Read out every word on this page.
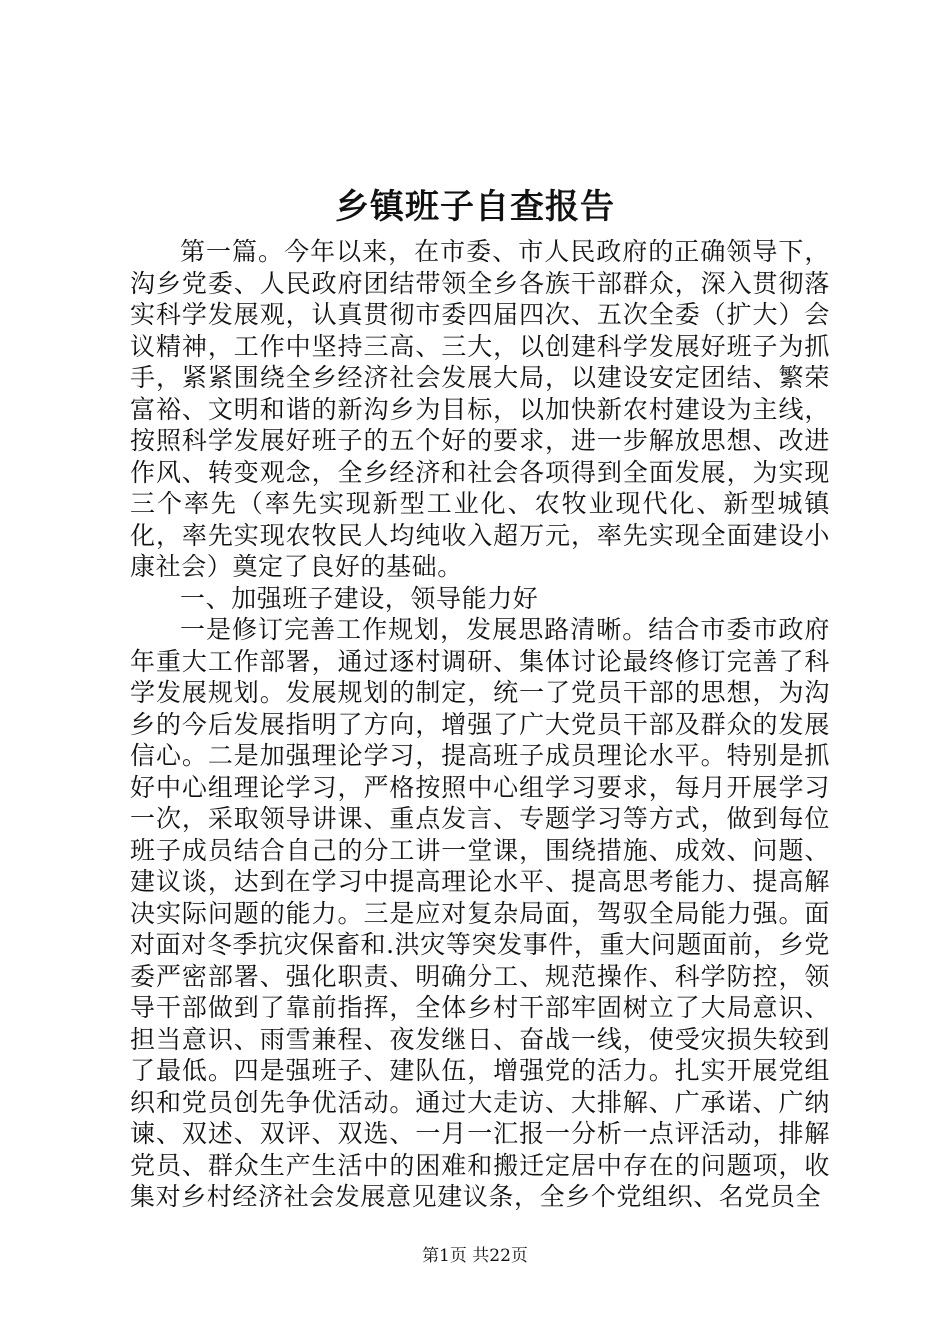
乡镇班子自查报告

第一篇。今年以来，在市委、市人民政府的正确领导下，沟乡党委、人民政府团结带领全乡各族干部群众，深入贯彻落实科学发展观，认真贯彻市委四届四次、五次全委（扩大）会议精神，工作中坚持三高、三大，以创建科学发展好班子为抓手，紧紧围绕全乡经济社会发展大局，以建设安定团结、繁荣富裕、文明和谐的新沟乡为目标，以加快新农村建设为主线，按照科学发展好班子的五个好的要求，进一步解放思想、改进作风、转变观念，全乡经济和社会各项得到全面发展，为实现三个率先（率先实现新型工业化、农牧业现代化、新型城镇化，率先实现农牧民人均纯收入超万元，率先实现全面建设小康社会）奠定了良好的基础。

一、加强班子建设，领导能力好

一是修订完善工作规划，发展思路清晰。结合市委市政府年重大工作部署，通过逐村调研、集体讨论最终修订完善了科学发展规划。发展规划的制定，统一了党员干部的思想，为沟乡的今后发展指明了方向，增强了广大党员干部及群众的发展信心。二是加强理论学习，提高班子成员理论水平。特别是抓好中心组理论学习，严格按照中心组学习要求，每月开展学习一次，采取领导讲课、重点发言、专题学习等方式，做到每位班子成员结合自己的分工讲一堂课，围绕措施、成效、问题、建议谈，达到在学习中提高理论水平、提高思考能力、提高解决实际问题的能力。三是应对复杂局面，驾驭全局能力强。面对面对冬季抗灾保畜和.洪灾等突发事件，重大问题面前，乡党委严密部署、强化职责、明确分工、规范操作、科学防控，领导干部做到了靠前指挥，全体乡村干部牢固树立了大局意识、担当意识、雨雪兼程、夜发继日、奋战一线，使受灾损失较到了最低。四是强班子、建队伍，增强党的活力。扎实开展党组织和党员创先争优活动。通过大走访、大排解、广承诺、广纳谏、双述、双评、双选、一月一汇报一分析一点评活动，排解党员、群众生产生活中的困难和搬迁定居中存在的问题项，收集对乡村经济社会发展意见建议条，全乡个党组织、名党员全

第1页 共22页
